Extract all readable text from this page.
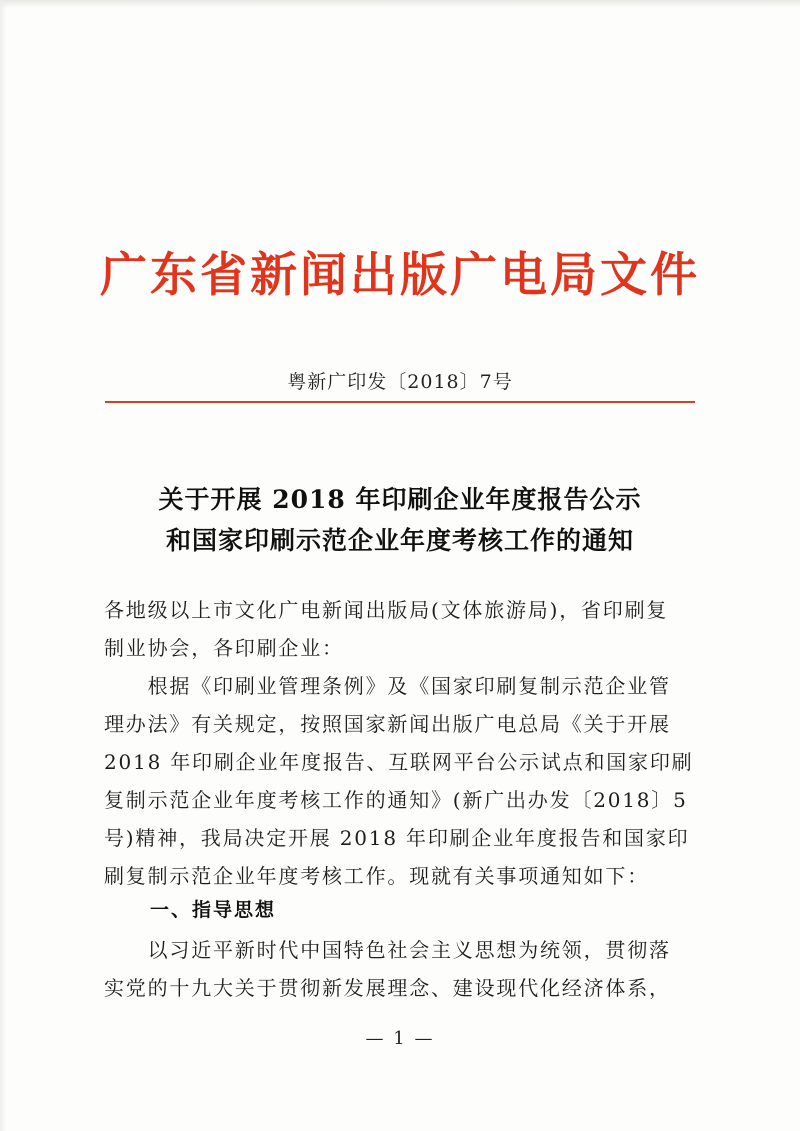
广东省新闻出版广电局文件
粤新广印发〔2018〕7号
关于开展 2018 年印刷企业年度报告公示
和国家印刷示范企业年度考核工作的通知
各地级以上市文化广电新闻出版局(文体旅游局)，省印刷复
制业协会，各印刷企业：
　　根据《印刷业管理条例》及《国家印刷复制示范企业管
理办法》有关规定，按照国家新闻出版广电总局《关于开展
2018 年印刷企业年度报告、互联网平台公示试点和国家印刷
复制示范企业年度考核工作的通知》(新广出办发〔2018〕5
号)精神，我局决定开展 2018 年印刷企业年度报告和国家印
刷复制示范企业年度考核工作。现就有关事项通知如下：
一、指导思想
　　以习近平新时代中国特色社会主义思想为统领，贯彻落
实党的十九大关于贯彻新发展理念、建设现代化经济体系，
— 1 —
